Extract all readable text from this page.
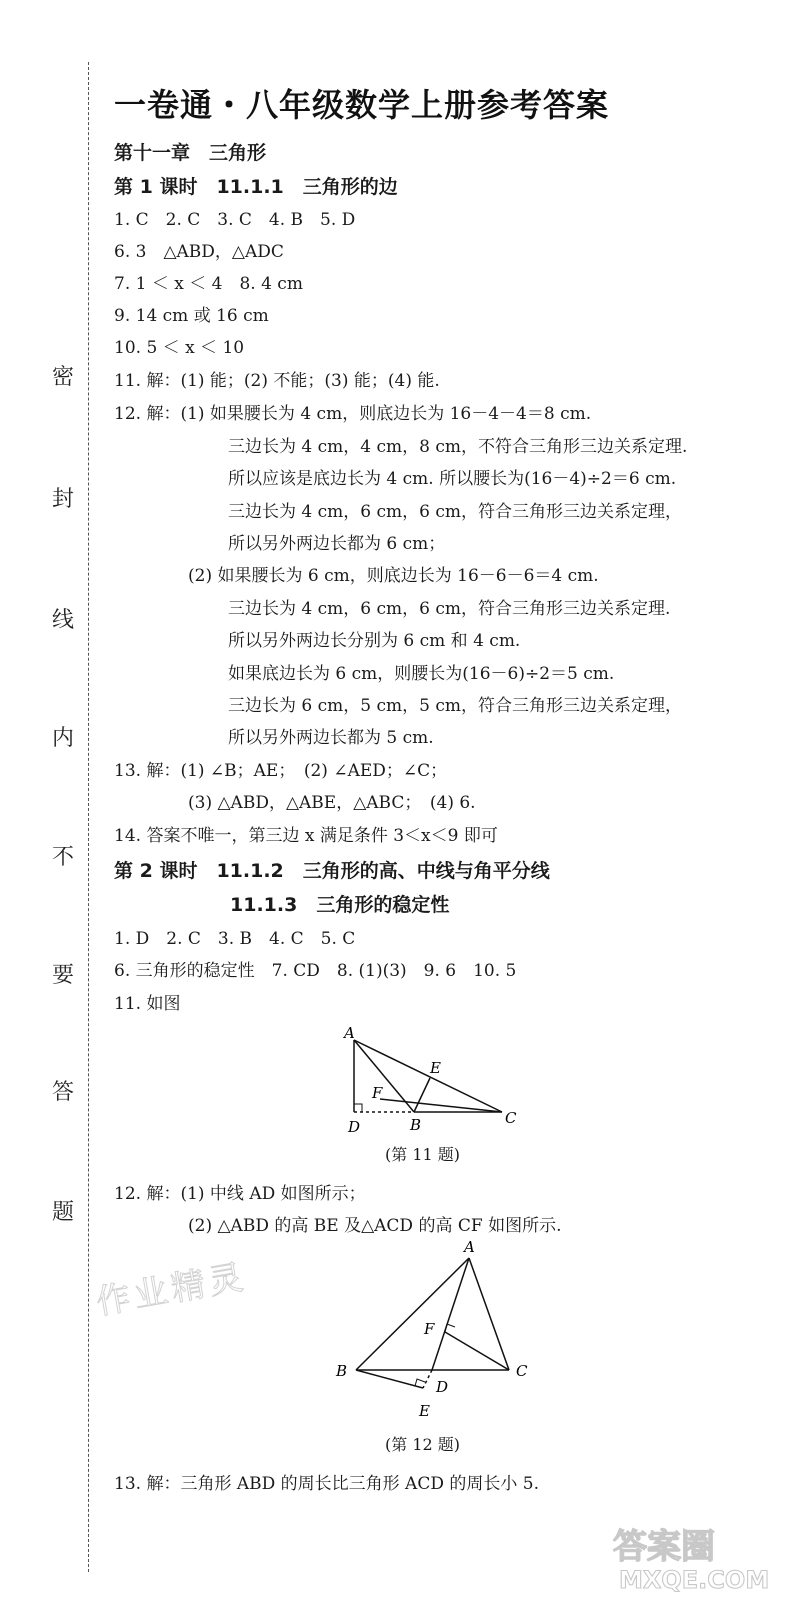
密
封
线
内
不
要
答
题
一卷通・八年级数学上册参考答案
第十一章　三角形
第 1 课时　11.1.1　三角形的边
1. C　2. C　3. C　4. B　5. D
6. 3　△ABD，△ADC
7. 1 ＜ x ＜ 4　8. 4 cm
9. 14 cm 或 16 cm
10. 5 ＜ x ＜ 10
11. 解：(1) 能；(2) 不能；(3) 能；(4) 能.
12. 解：(1) 如果腰长为 4 cm，则底边长为 16－4－4＝8 cm.
三边长为 4 cm，4 cm，8 cm，不符合三角形三边关系定理.
所以应该是底边长为 4 cm. 所以腰长为(16－4)÷2＝6 cm.
三边长为 4 cm，6 cm，6 cm，符合三角形三边关系定理，
所以另外两边长都为 6 cm；
(2) 如果腰长为 6 cm，则底边长为 16－6－6＝4 cm.
三边长为 4 cm，6 cm，6 cm，符合三角形三边关系定理.
所以另外两边长分别为 6 cm 和 4 cm.
如果底边长为 6 cm，则腰长为(16－6)÷2＝5 cm.
三边长为 6 cm，5 cm，5 cm，符合三角形三边关系定理，
所以另外两边长都为 5 cm.
13. 解：(1) ∠B；AE；　(2) ∠AED；∠C；
(3) △ABD，△ABE，△ABC；　(4) 6.
14. 答案不唯一，第三边 x 满足条件 3＜x＜9 即可
第 2 课时　11.1.2　三角形的高、中线与角平分线
11.1.3　三角形的稳定性
1. D　2. C　3. B　4. C　5. C
6. 三角形的稳定性　7. CD　8. (1)(3)　9. 6　10. 5
11. 如图
A
D	B	C
E
F
(第 11 题)
12. 解：(1) 中线 AD 如图所示；
(2) △ABD 的高 BE 及△ACD 的高 CF 如图所示.
作业精灵
A
B	C
D
E
F
(第 12 题)
13. 解：三角形 ABD 的周长比三角形 ACD 的周长小 5.
答案圈
MXQE.COM
